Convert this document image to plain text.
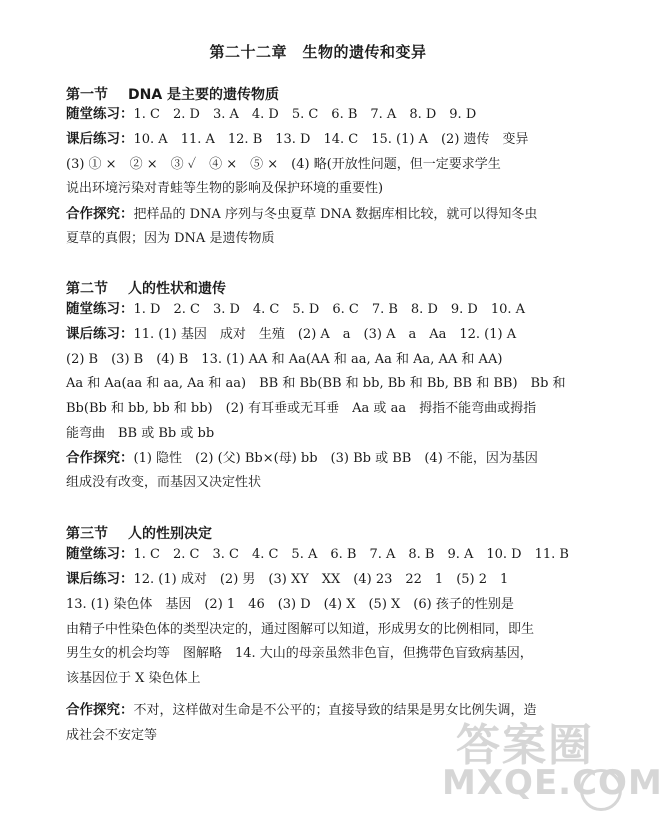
第二十二章　生物的遗传和变异
第一节 DNA 是主要的遗传物质
随堂练习：1. C　2. D　3. A　4. D　5. C　6. B　7. A　8. D　9. D
课后练习：10. A　11. A　12. B　13. D　14. C　15. (1) A　(2) 遗传　变异
(3) ① ×　② ×　③ ✓　④ ×　⑤ ×　(4) 略(开放性问题，但一定要求学生
说出环境污染对青蛙等生物的影响及保护环境的重要性)
合作探究：把样品的 DNA 序列与冬虫夏草 DNA 数据库相比较，就可以得知冬虫
夏草的真假；因为 DNA 是遗传物质
第二节 人的性状和遗传
随堂练习：1. D　2. C　3. D　4. C　5. D　6. C　7. B　8. D　9. D　10. A
课后练习：11. (1) 基因　成对　生殖　(2) A　a　(3) A　a　Aa　12. (1) A
(2) B　(3) B　(4) B　13. (1) AA 和 Aa(AA 和 aa, Aa 和 Aa, AA 和 AA)
Aa 和 Aa(aa 和 aa, Aa 和 aa)　BB 和 Bb(BB 和 bb, Bb 和 Bb, BB 和 BB)　Bb 和
Bb(Bb 和 bb, bb 和 bb)　(2) 有耳垂或无耳垂　Aa 或 aa　拇指不能弯曲或拇指
能弯曲　BB 或 Bb 或 bb
合作探究：(1) 隐性　(2) (父) Bb×(母) bb　(3) Bb 或 BB　(4) 不能，因为基因
组成没有改变，而基因又决定性状
第三节 人的性别决定
随堂练习：1. C　2. C　3. C　4. C　5. A　6. B　7. A　8. B　9. A　10. D　11. B
课后练习：12. (1) 成对　(2) 男　(3) XY　XX　(4) 23　22　1　(5) 2　1
13. (1) 染色体　基因　(2) 1　46　(3) D　(4) X　(5) X　(6) 孩子的性别是
由精子中性染色体的类型决定的，通过图解可以知道，形成男女的比例相同，即生
男生女的机会均等　图解略　14. 大山的母亲虽然非色盲，但携带色盲致病基因，
该基因位于 X 染色体上
合作探究：不对，这样做对生命是不公平的；直接导致的结果是男女比例失调，造
成社会不安定等	答案圈
MXQE.COM
